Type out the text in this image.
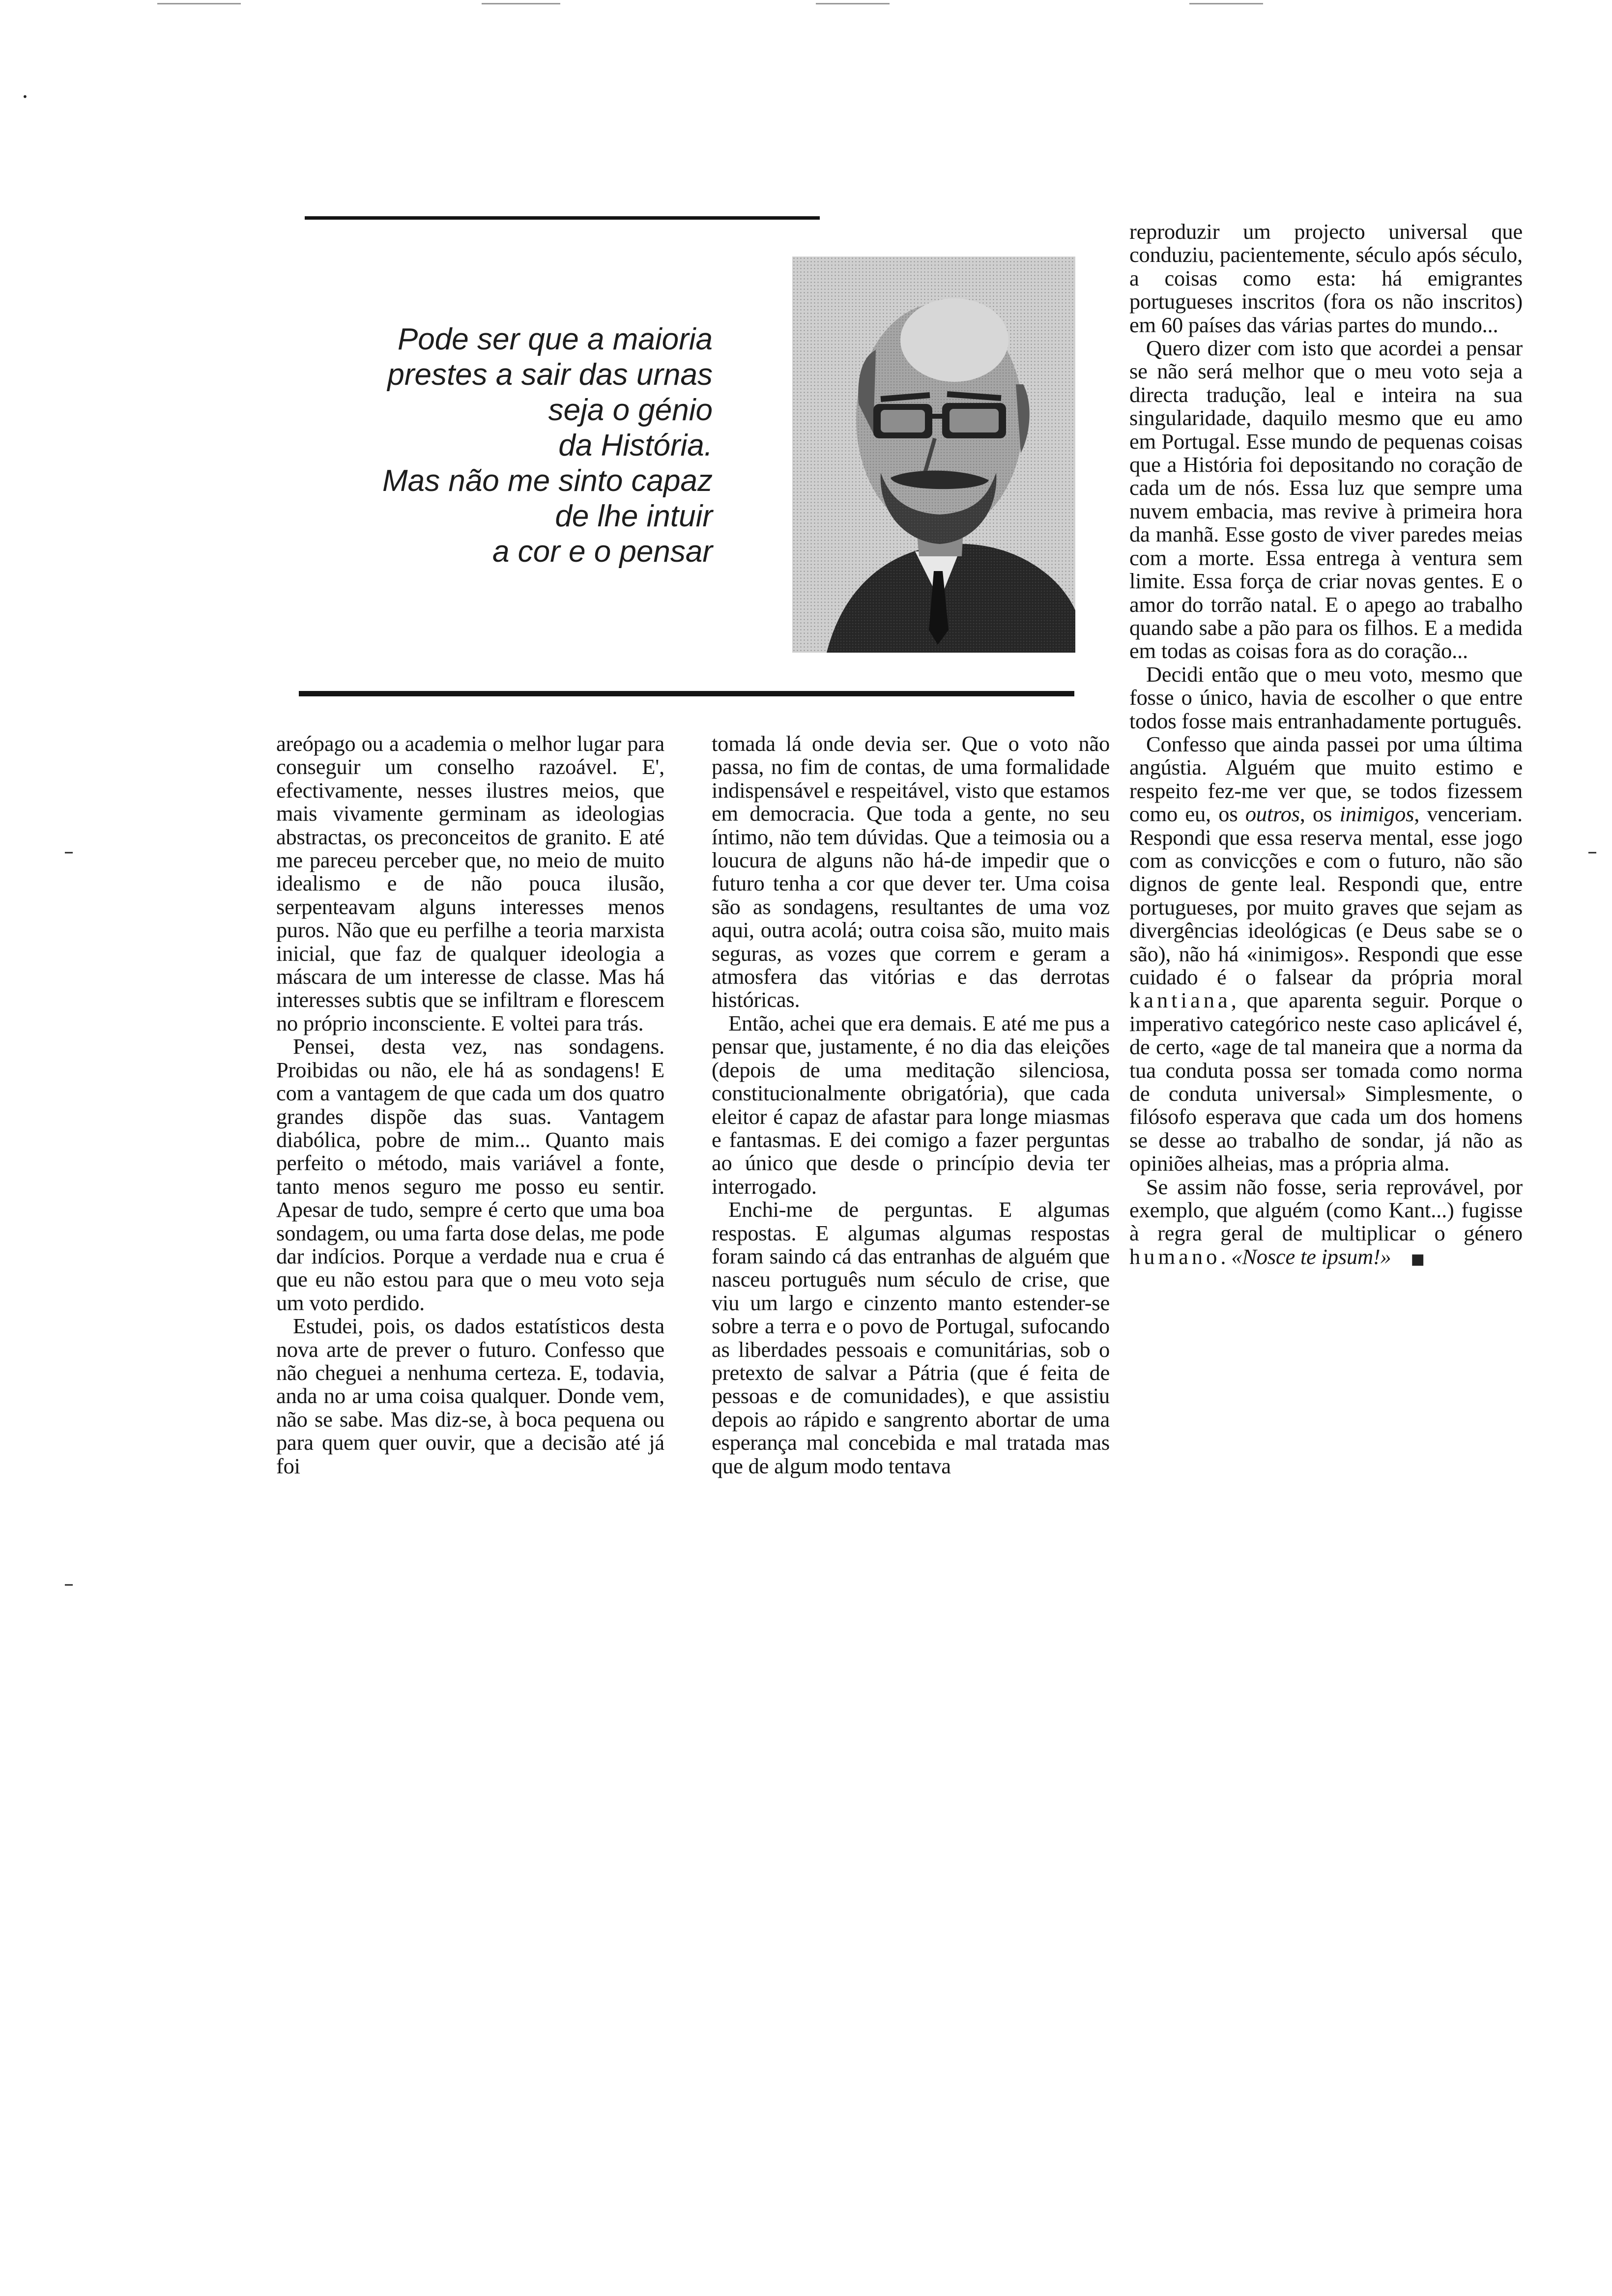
•
–
–
–
Pode ser que a maioria
prestes a sair das urnas
seja o génio
da História.
Mas não me sinto capaz
de lhe intuir
a cor e o pensar

areópago ou a academia o melhor lugar para conseguir um conselho razoável. E', efectivamente, nesses ilustres meios, que mais vivamente germinam as ideologias abstractas, os preconceitos de granito. E até me pareceu perceber que, no meio de muito idealismo e de não pouca ilusão, serpenteavam alguns interesses menos puros. Não que eu perfilhe a teoria marxista inicial, que faz de qualquer ideologia a máscara de um interesse de classe. Mas há interesses subtis que se infiltram e florescem no próprio inconsciente. E voltei para trás.

Pensei, desta vez, nas sondagens. Proibidas ou não, ele há as sondagens! E com a vantagem de que cada um dos quatro grandes dispõe das suas. Vantagem diabólica, pobre de mim... Quanto mais perfeito o método, mais variável a fonte, tanto menos seguro me posso eu sentir. Apesar de tudo, sempre é certo que uma boa sondagem, ou uma farta dose delas, me pode dar indícios. Porque a verdade nua e crua é que eu não estou para que o meu voto seja um voto perdido.

Estudei, pois, os dados estatísticos desta nova arte de prever o futuro. Confesso que não cheguei a nenhuma certeza. E, todavia, anda no ar uma coisa qualquer. Donde vem, não se sabe. Mas diz-se, à boca pequena ou para quem quer ouvir, que a decisão até já foi

tomada lá onde devia ser. Que o voto não passa, no fim de contas, de uma formalidade indispensável e respeitável, visto que estamos em democracia. Que toda a gente, no seu íntimo, não tem dúvidas. Que a teimosia ou a loucura de alguns não há-de impedir que o futuro tenha a cor que dever ter. Uma coisa são as sondagens, resultantes de uma voz aqui, outra acolá; outra coisa são, muito mais seguras, as vozes que correm e geram a atmosfera das vitórias e das derrotas históricas.

Então, achei que era demais. E até me pus a pensar que, justamente, é no dia das eleições (depois de uma meditação silenciosa, constitucionalmente obrigatória), que cada eleitor é capaz de afastar para longe miasmas e fantasmas. E dei comigo a fazer perguntas ao único que desde o princípio devia ter interrogado.

Enchi-me de perguntas. E algumas respostas. E algumas algumas respostas foram saindo cá das entranhas de alguém que nasceu português num século de crise, que viu um largo e cinzento manto estender-se sobre a terra e o povo de Portugal, sufocando as liberdades pessoais e comunitárias, sob o pretexto de salvar a Pátria (que é feita de pessoas e de comunidades), e que assistiu depois ao rápido e sangrento abortar de uma esperança mal concebida e mal tratada mas que de algum modo tentava

reproduzir um projecto universal que conduziu, pacientemente, século após século, a coisas como esta: há emigrantes portugueses inscritos (fora os não inscritos) em 60 países das várias partes do mundo...

Quero dizer com isto que acordei a pensar se não será melhor que o meu voto seja a directa tradução, leal e inteira na sua singularidade, daquilo mesmo que eu amo em Portugal. Esse mundo de pequenas coisas que a História foi depositando no coração de cada um de nós. Essa luz que sempre uma nuvem embacia, mas revive à primeira hora da manhã. Esse gosto de viver paredes meias com a morte. Essa entrega à ventura sem limite. Essa força de criar novas gentes. E o amor do torrão natal. E o apego ao trabalho quando sabe a pão para os filhos. E a medida em todas as coisas fora as do coração...

Decidi então que o meu voto, mesmo que fosse o único, havia de escolher o que entre todos fosse mais entranhadamente português.

Confesso que ainda passei por uma última angústia. Alguém que muito estimo e respeito fez-me ver que, se todos fizessem como eu, os outros, os inimigos, venceriam. Respondi que essa reserva mental, esse jogo com as convicções e com o futuro, não são dignos de gente leal. Respondi que, entre portugueses, por muito graves que sejam as divergências ideológicas (e Deus sabe se o são), não há «inimigos». Respondi que esse cuidado é o falsear da própria moral kantiana, que aparenta seguir. Porque o imperativo categórico neste caso aplicável é, de certo, «age de tal maneira que a norma da tua conduta possa ser tomada como norma de conduta universal» Simplesmente, o filósofo esperava que cada um dos homens se desse ao trabalho de sondar, já não as opiniões alheias, mas a própria alma.

Se assim não fosse, seria reprovável, por exemplo, que alguém (como Kant...) fugisse à regra geral de multiplicar o género humano. «Nosce te ipsum!» ■
